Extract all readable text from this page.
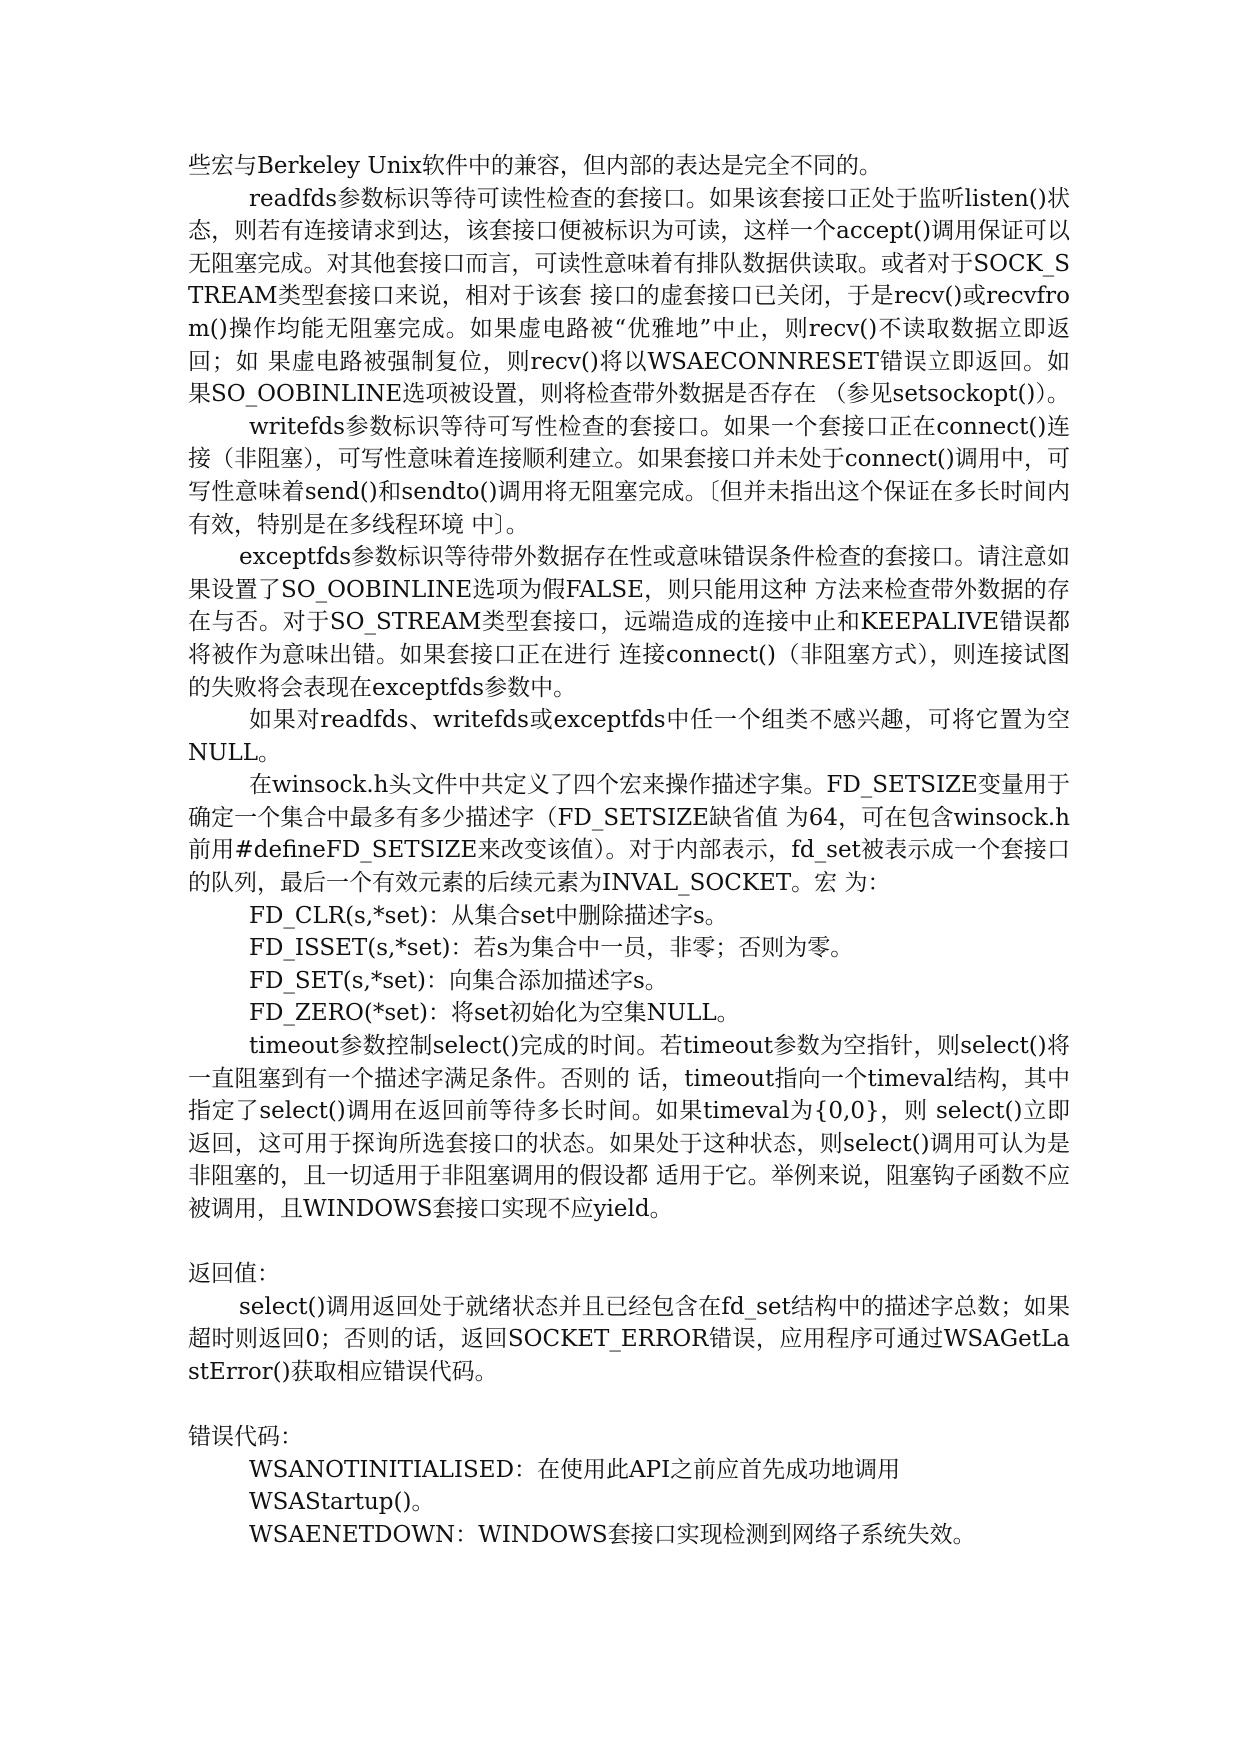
些宏与Berkeley Unix软件中的兼容，但内部的表达是完全不同的。

readfds参数标识等待可读性检查的套接口。如果该套接口正处于监听listen()状态，则若有连接请求到达，该套接口便被标识为可读，这样一个accept()调用保证可以无阻塞完成。对其他套接口而言，可读性意味着有排队数据供读取。或者对于SOCK_STREAM类型套接口来说，相对于该套 接口的虚套接口已关闭，于是recv()或recvfrom()操作均能无阻塞完成。如果虚电路被“优雅地”中止，则recv()不读取数据立即返回；如 果虚电路被强制复位，则recv()将以WSAECONNRESET错误立即返回。如果SO_OOBINLINE选项被设置，则将检查带外数据是否存在 （参见setsockopt()）。

writefds参数标识等待可写性检查的套接口。如果一个套接口正在connect()连接（非阻塞），可写性意味着连接顺利建立。如果套接口并未处于connect()调用中，可写性意味着send()和sendto()调用将无阻塞完成。〔但并未指出这个保证在多长时间内有效，特别是在多线程环境 中〕。

exceptfds参数标识等待带外数据存在性或意味错误条件检查的套接口。请注意如果设置了SO_OOBINLINE选项为假FALSE，则只能用这种 方法来检查带外数据的存在与否。对于SO_STREAM类型套接口，远端造成的连接中止和KEEPALIVE错误都将被作为意味出错。如果套接口正在进行 连接connect()（非阻塞方式），则连接试图的失败将会表现在exceptfds参数中。

如果对readfds、writefds或exceptfds中任一个组类不感兴趣，可将它置为空NULL。

在winsock.h头文件中共定义了四个宏来操作描述字集。FD_SETSIZE变量用于确定一个集合中最多有多少描述字（FD_SETSIZE缺省值 为64，可在包含winsock.h前用#defineFD_SETSIZE来改变该值）。对于内部表示，fd_set被表示成一个套接口的队列，最后一个有效元素的后续元素为INVAL_SOCKET。宏 为：

FD_CLR(s,*set)：从集合set中删除描述字s。

FD_ISSET(s,*set)：若s为集合中一员，非零；否则为零。

FD_SET(s,*set)：向集合添加描述字s。

FD_ZERO(*set)：将set初始化为空集NULL。

timeout参数控制select()完成的时间。若timeout参数为空指针，则select()将一直阻塞到有一个描述字满足条件。否则的 话，timeout指向一个timeval结构，其中指定了select()调用在返回前等待多长时间。如果timeval为{0,0}，则 select()立即返回，这可用于探询所选套接口的状态。如果处于这种状态，则select()调用可认为是非阻塞的，且一切适用于非阻塞调用的假设都 适用于它。举例来说，阻塞钩子函数不应被调用，且WINDOWS套接口实现不应yield。

返回值：

select()调用返回处于就绪状态并且已经包含在fd_set结构中的描述字总数；如果超时则返回0；否则的话，返回SOCKET_ERROR错误，应用程序可通过WSAGetLastError()获取相应错误代码。

错误代码：

WSANOTINITIALISED：在使用此API之前应首先成功地调用WSAStartup()。

WSAENETDOWN：WINDOWS套接口实现检测到网络子系统失效。
